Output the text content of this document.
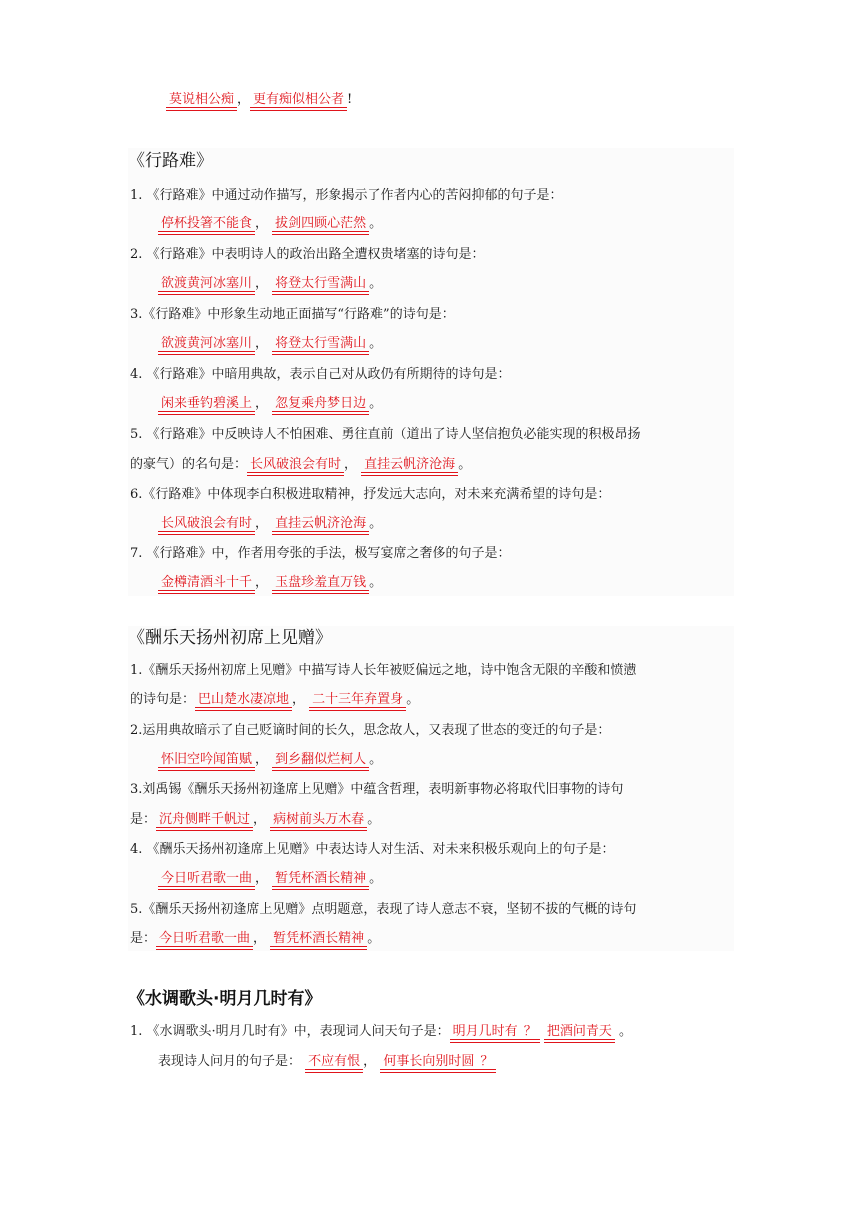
莫说相公痴 ， 更有痴似相公者 !
《行路难》
1. 《行路难》中通过动作描写，形象揭示了作者内心的苦闷抑郁的句子是：
停杯投箸不能食 ， 拔剑四顾心茫然 。
2. 《行路难》中表明诗人的政治出路全遭权贵堵塞的诗句是：
欲渡黄河冰塞川 ， 将登太行雪满山 。
3.《行路难》中形象生动地正面描写“行路难”的诗句是：
欲渡黄河冰塞川 ， 将登太行雪满山 。
4. 《行路难》中暗用典故，表示自己对从政仍有所期待的诗句是：
闲来垂钓碧溪上 ， 忽复乘舟梦日边 。
5. 《行路难》中反映诗人不怕困难、勇往直前（道出了诗人坚信抱负必能实现的积极昂扬
的豪气）的名句是： 长风破浪会有时 ， 直挂云帆济沧海 。
6.《行路难》中体现李白积极进取精神，抒发远大志向，对未来充满希望的诗句是：
长风破浪会有时 ， 直挂云帆济沧海 。
7. 《行路难》中，作者用夸张的手法，极写宴席之奢侈的句子是：
金樽清酒斗十千 ， 玉盘珍羞直万钱 。
《酬乐天扬州初席上见赠》
1.《酬乐天扬州初席上见赠》中描写诗人长年被贬偏远之地，诗中饱含无限的辛酸和愤懑
的诗句是： 巴山楚水凄凉地 ， 二十三年弃置身 。
2.运用典故暗示了自己贬谪时间的长久，思念故人，又表现了世态的变迁的句子是：
怀旧空吟闻笛赋 ， 到乡翻似烂柯人 。
3.刘禹锡《酬乐天扬州初逢席上见赠》中蕴含哲理，表明新事物必将取代旧事物的诗句
是： 沉舟侧畔千帆过 ， 病树前头万木春 。
4. 《酬乐天扬州初逢席上见赠》中表达诗人对生活、对未来积极乐观向上的句子是：
今日听君歌一曲 ， 暂凭杯酒长精神 。
5.《酬乐天扬州初逢席上见赠》点明题意，表现了诗人意志不衰，坚韧不拔的气概的诗句
是： 今日听君歌一曲 ， 暂凭杯酒长精神 。
《水调歌头·明月几时有》
1. 《水调歌头·明月几时有》中，表现词人问天句子是： 明月几时有 ？ 把酒问青天 。
表现诗人问月的句子是： 不应有恨 ， 何事长向别时圆 ？
